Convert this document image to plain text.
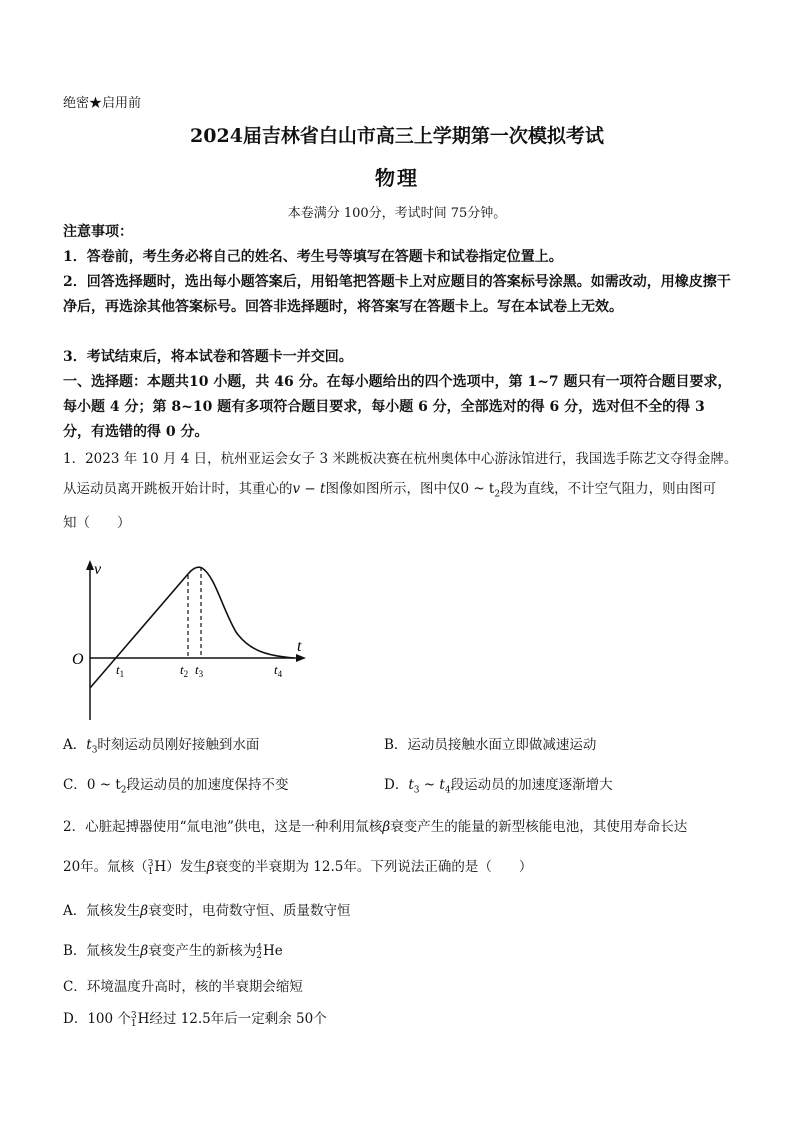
绝密★启用前
2024届吉林省白山市高三上学期第一次模拟考试
物理
本卷满分 100分，考试时间 75分钟。
注意事项：
1．答卷前，考生务必将自己的姓名、考生号等填写在答题卡和试卷指定位置上。
2．回答选择题时，选出每小题答案后，用铅笔把答题卡上对应题目的答案标号涂黑。如需改动，用橡皮擦干净后，再选涂其他答案标号。回答非选择题时，将答案写在答题卡上。写在本试卷上无效。
3．考试结束后，将本试卷和答题卡一并交回。
一、选择题：本题共10 小题，共 46 分。在每小题给出的四个选项中，第 1~7 题只有一项符合题目要求，每小题 4 分；第 8~10 题有多项符合题目要求，每小题 6 分，全部选对的得 6 分，选对但不全的得 3 分，有选错的得 0 分。
1．2023 年 10 月 4 日，杭州亚运会女子 3 米跳板决赛在杭州奥体中心游泳馆进行，我国选手陈艺文夺得金牌。
从运动员离开跳板开始计时，其重心的v − t图像如图所示，图中仅0 ~ $t_2$段为直线，不计空气阻力，则由图可
知（　　）
v
t
O
$t_1$	$t_2$ $t_3$	$t_4$
A．$t_3$时刻运动员刚好接触到水面	B．运动员接触水面立即做减速运动
C．0 ~ $t_2$段运动员的加速度保持不变	D．$t_3$ ~ $t_4$段运动员的加速度逐渐增大
2．心脏起搏器使用“氚电池”供电，这是一种利用氚核β衰变产生的能量的新型核能电池，其使用寿命长达
20年。氚核（ 3
1 H）发生β衰变的半衰期为 12.5年。下列说法正确的是（　　）
A．氚核发生β衰变时，电荷数守恒、质量数守恒
B．氚核发生β衰变产生的新核为 4
2 He
C．环境温度升高时，核的半衰期会缩短
D．100 个 3
1 H经过 12.5年后一定剩余 50个
